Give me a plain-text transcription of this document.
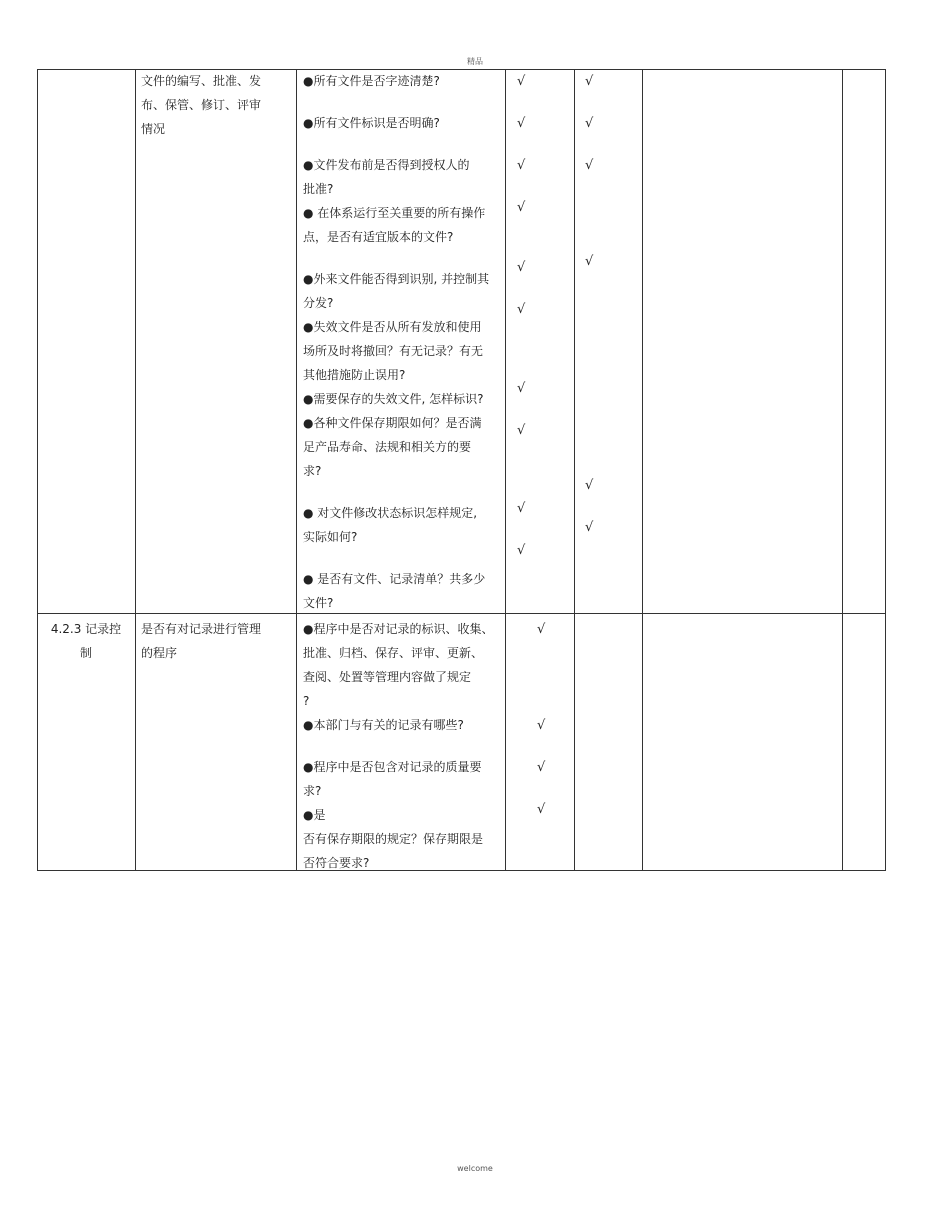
精品
文件的编写、批准、发
布、保管、修订、评审
情况
●所有文件是否字迹清楚?
●所有文件标识是否明确?
●文件发布前是否得到授权人的
批准?
● 在体系运行至关重要的所有操作
点，是否有适宜版本的文件?
●外来文件能否得到识别, 并控制其
分发?
●失效文件是否从所有发放和使用
场所及时将撤回？有无记录？有无
其他措施防止误用?
●需要保存的失效文件, 怎样标识?
●各种文件保存期限如何？是否满
足产品寿命、法规和相关方的要
求?
● 对文件修改状态标识怎样规定,
实际如何?
● 是否有文件、记录清单？共多少
文件?
√
√
√
√
√
√
√
√
√
√
√
√
√
√
√
√
4.2.3 记录控
制
是否有对记录进行管理
的程序
●程序中是否对记录的标识、收集、
批准、归档、保存、评审、更新、
查阅、处置等管理内容做了规定
?
●本部门与有关的记录有哪些?
●程序中是否包含对记录的质量要
求?
●是
否有保存期限的规定？保存期限是
否符合要求?
√
√
√
√
welcome
